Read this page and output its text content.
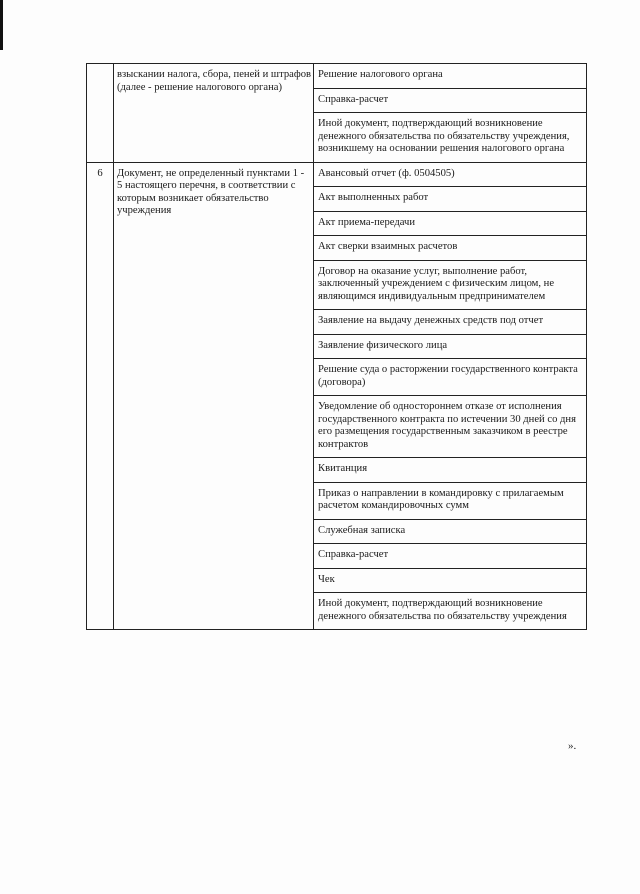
	взыскании налога, сбора, пеней и штрафов (далее - решение налогового органа)	Решение налогового органа
		Справка-расчет
		Иной документ, подтверждающий возникновение денежного обязательства по обязательству учреждения, возникшему на основании решения налогового органа
6	Документ, не определенный пунктами 1 - 5 настоящего перечня, в соответствии с которым возникает обязательство учреждения	Авансовый отчет (ф. 0504505)
		Акт выполненных работ
		Акт приема-передачи
		Акт сверки взаимных расчетов
		Договор на оказание услуг, выполнение работ, заключенный учреждением с физическим лицом, не являющимся индивидуальным предпринимателем
		Заявление на выдачу денежных средств под отчет
		Заявление физического лица
		Решение суда о расторжении государственного контракта (договора)
		Уведомление об одностороннем отказе от исполнения государственного контракта по истечении 30 дней со дня его размещения государственным заказчиком в реестре контрактов
		Квитанция
		Приказ о направлении в командировку с прилагаемым расчетом командировочных сумм
		Служебная записка
		Справка-расчет
		Чек
		Иной документ, подтверждающий возникновение денежного обязательства по обязательству учреждения
».
